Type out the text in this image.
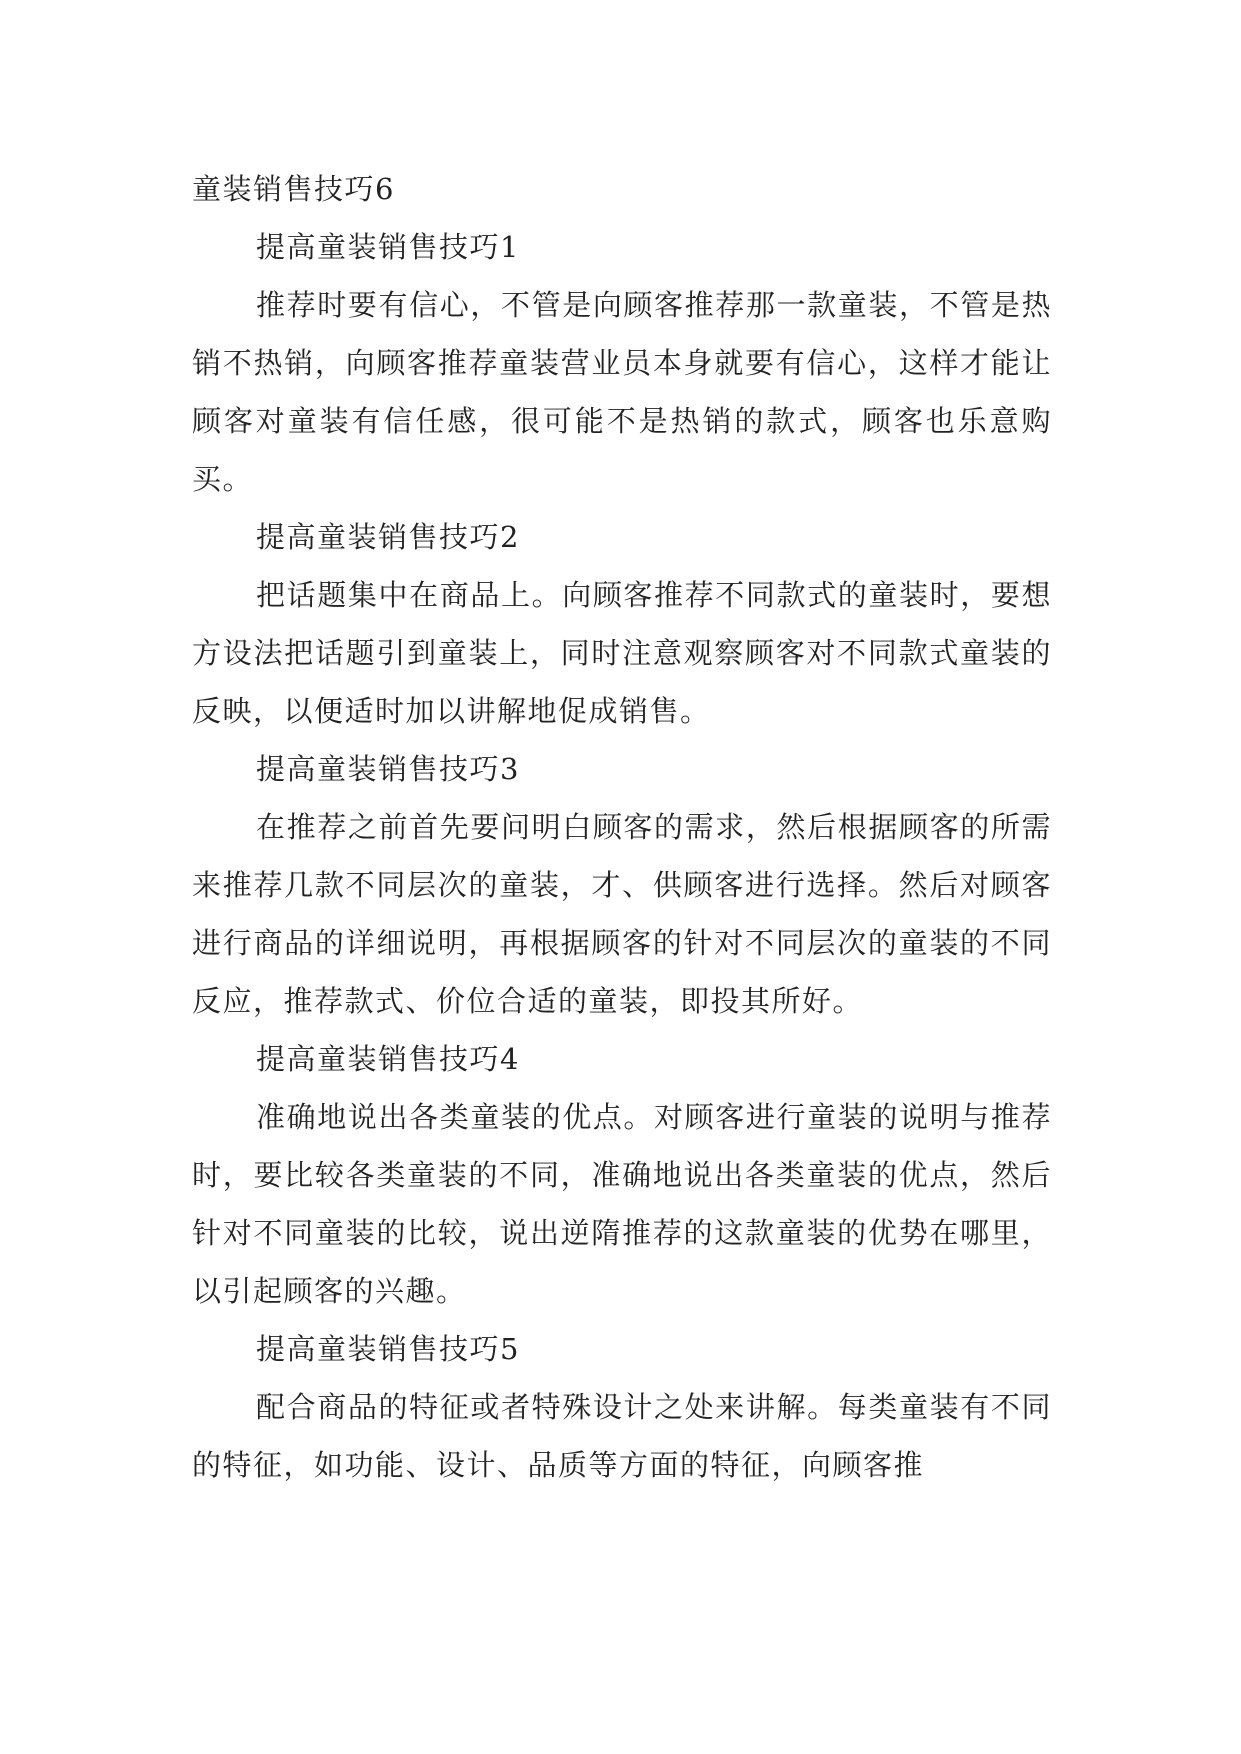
童装销售技巧6
提高童装销售技巧1

推荐时要有信心，不管是向顾客推荐那一款童装，不管是热销不热销，向顾客推荐童装营业员本身就要有信心，这样才能让顾客对童装有信任感，很可能不是热销的款式，顾客也乐意购买。

提高童装销售技巧2

把话题集中在商品上。向顾客推荐不同款式的童装时，要想方设法把话题引到童装上，同时注意观察顾客对不同款式童装的反映，以便适时加以讲解地促成销售。

提高童装销售技巧3

在推荐之前首先要问明白顾客的需求，然后根据顾客的所需来推荐几款不同层次的童装，才、供顾客进行选择。然后对顾客进行商品的详细说明，再根据顾客的针对不同层次的童装的不同反应，推荐款式、价位合适的童装，即投其所好。

提高童装销售技巧4

准确地说出各类童装的优点。对顾客进行童装的说明与推荐时，要比较各类童装的不同，准确地说出各类童装的优点，然后针对不同童装的比较，说出逆隋推荐的这款童装的优势在哪里，以引起顾客的兴趣。

提高童装销售技巧5

配合商品的特征或者特殊设计之处来讲解。每类童装有不同的特征，如功能、设计、品质等方面的特征，向顾客推
